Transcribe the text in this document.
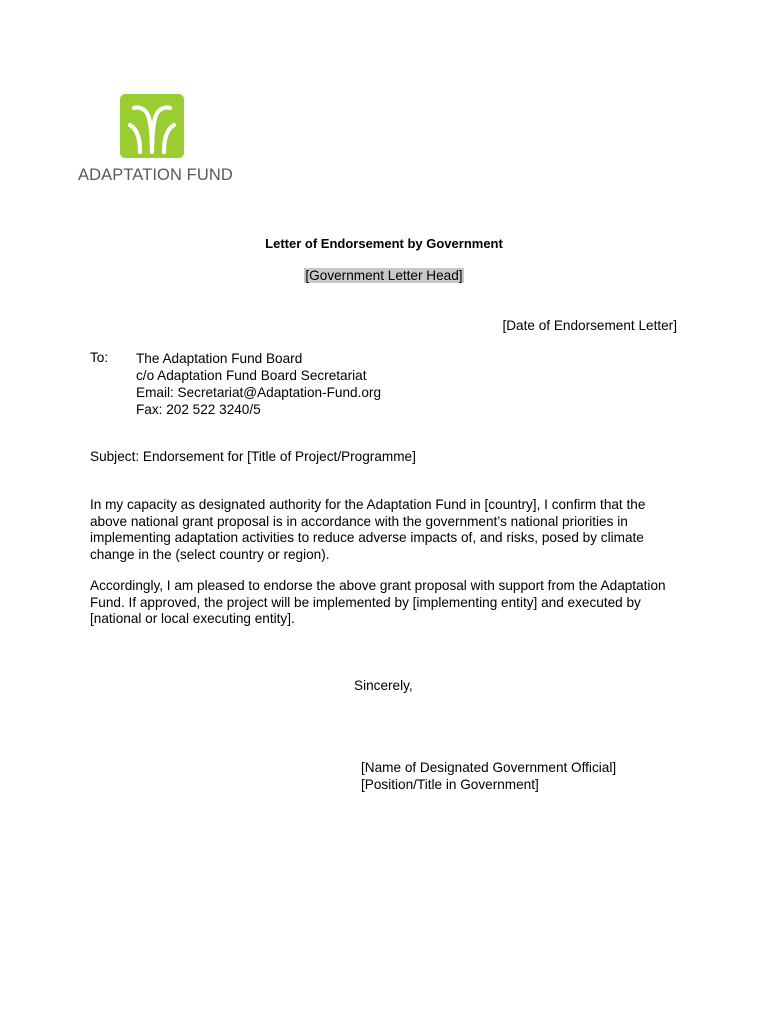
ADAPTATION FUND
Letter of Endorsement by Government
[Government Letter Head]
[Date of Endorsement Letter]
To: The Adaptation Fund Board
c/o Adaptation Fund Board Secretariat
Email: Secretariat@Adaptation-Fund.org
Fax: 202 522 3240/5
Subject: Endorsement for [Title of Project/Programme]
In my capacity as designated authority for the Adaptation Fund in [country], I confirm that the
above national grant proposal is in accordance with the government’s national priorities in
implementing adaptation activities to reduce adverse impacts of, and risks, posed by climate
change in the (select country or region).
Accordingly, I am pleased to endorse the above grant proposal with support from the Adaptation
Fund. If approved, the project will be implemented by [implementing entity] and executed by
[national or local executing entity].
Sincerely,
[Name of Designated Government Official]
[Position/Title in Government]
